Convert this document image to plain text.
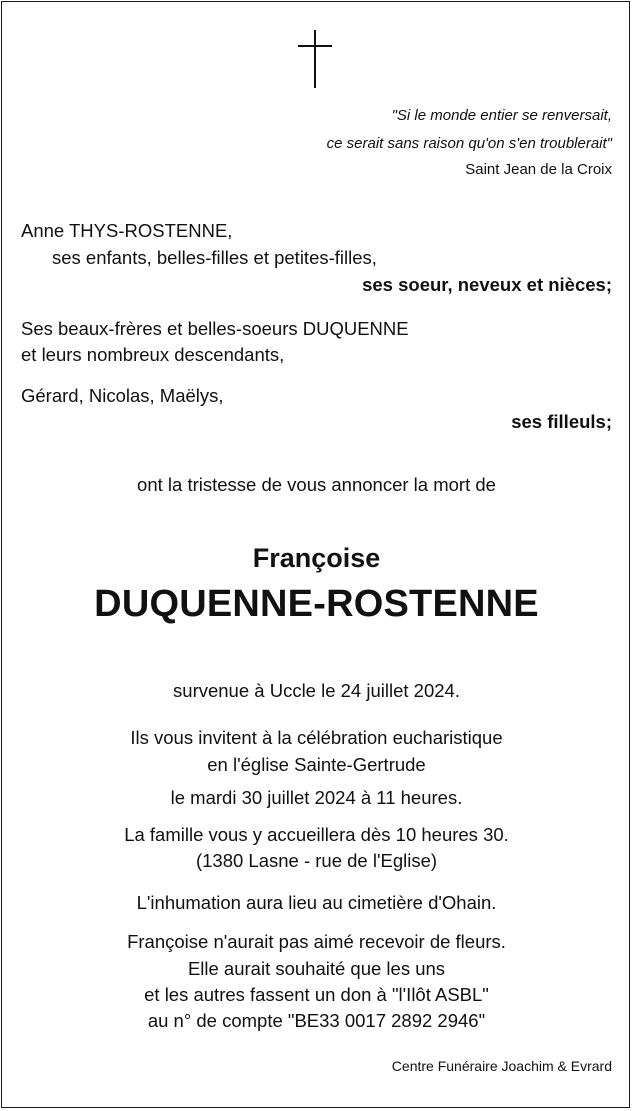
"Si le monde entier se renversait,
ce serait sans raison qu'on s'en troublerait"
Saint Jean de la Croix
Anne THYS-ROSTENNE,
ses enfants, belles-filles et petites-filles,
ses soeur, neveux et nièces;
Ses beaux-frères et belles-soeurs DUQUENNE
et leurs nombreux descendants,
Gérard, Nicolas, Maëlys,
ses filleuls;
ont la tristesse de vous annoncer la mort de
Françoise
DUQUENNE-ROSTENNE
survenue à Uccle le 24 juillet 2024.
Ils vous invitent à la célébration eucharistique
en l'église Sainte-Gertrude
le mardi 30 juillet 2024 à 11 heures.
La famille vous y accueillera dès 10 heures 30.
(1380 Lasne - rue de l'Eglise)
L'inhumation aura lieu au cimetière d'Ohain.
Françoise n'aurait pas aimé recevoir de fleurs.
Elle aurait souhaité que les uns
et les autres fassent un don à "l'Ilôt ASBL"
au n° de compte "BE33 0017 2892 2946"
Centre Funéraire Joachim & Evrard
